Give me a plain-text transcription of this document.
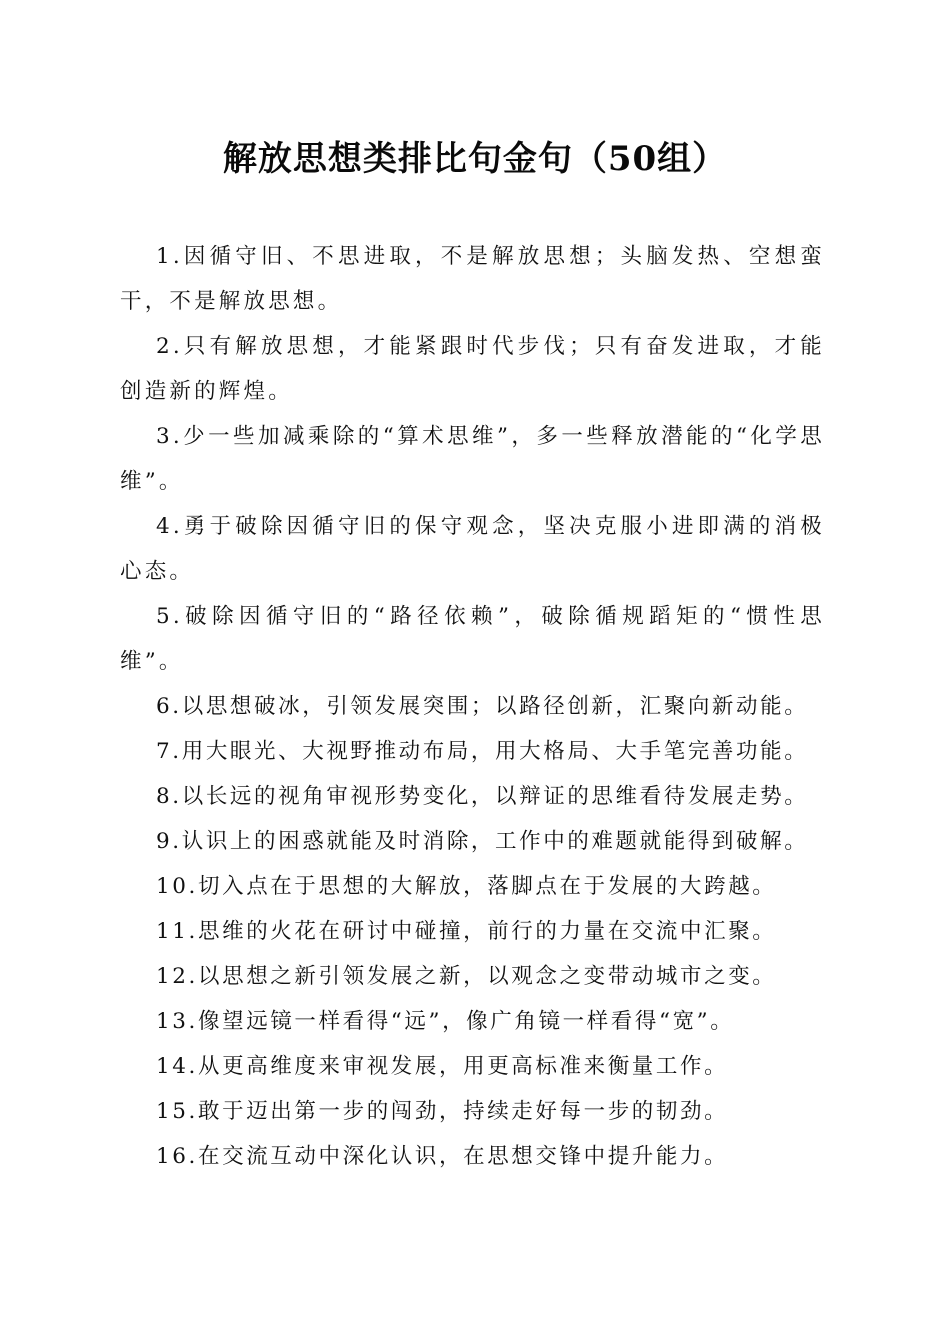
解放思想类排比句金句（50组）

1.因循守旧、不思进取，不是解放思想；头脑发热、空想蛮干，不是解放思想。

2.只有解放思想，才能紧跟时代步伐；只有奋发进取，才能创造新的辉煌。

3.少一些加减乘除的“算术思维”，多一些释放潜能的“化学思维”。

4.勇于破除因循守旧的保守观念，坚决克服小进即满的消极心态。

5.破除因循守旧的“路径依赖”，破除循规蹈矩的“惯性思维”。

6.以思想破冰，引领发展突围；以路径创新，汇聚向新动能。

7.用大眼光、大视野推动布局，用大格局、大手笔完善功能。

8.以长远的视角审视形势变化，以辩证的思维看待发展走势。

9.认识上的困惑就能及时消除，工作中的难题就能得到破解。

10.切入点在于思想的大解放，落脚点在于发展的大跨越。

11.思维的火花在研讨中碰撞，前行的力量在交流中汇聚。

12.以思想之新引领发展之新，以观念之变带动城市之变。

13.像望远镜一样看得“远”，像广角镜一样看得“宽”。

14.从更高维度来审视发展，用更高标准来衡量工作。

15.敢于迈出第一步的闯劲，持续走好每一步的韧劲。

16.在交流互动中深化认识，在思想交锋中提升能力。
